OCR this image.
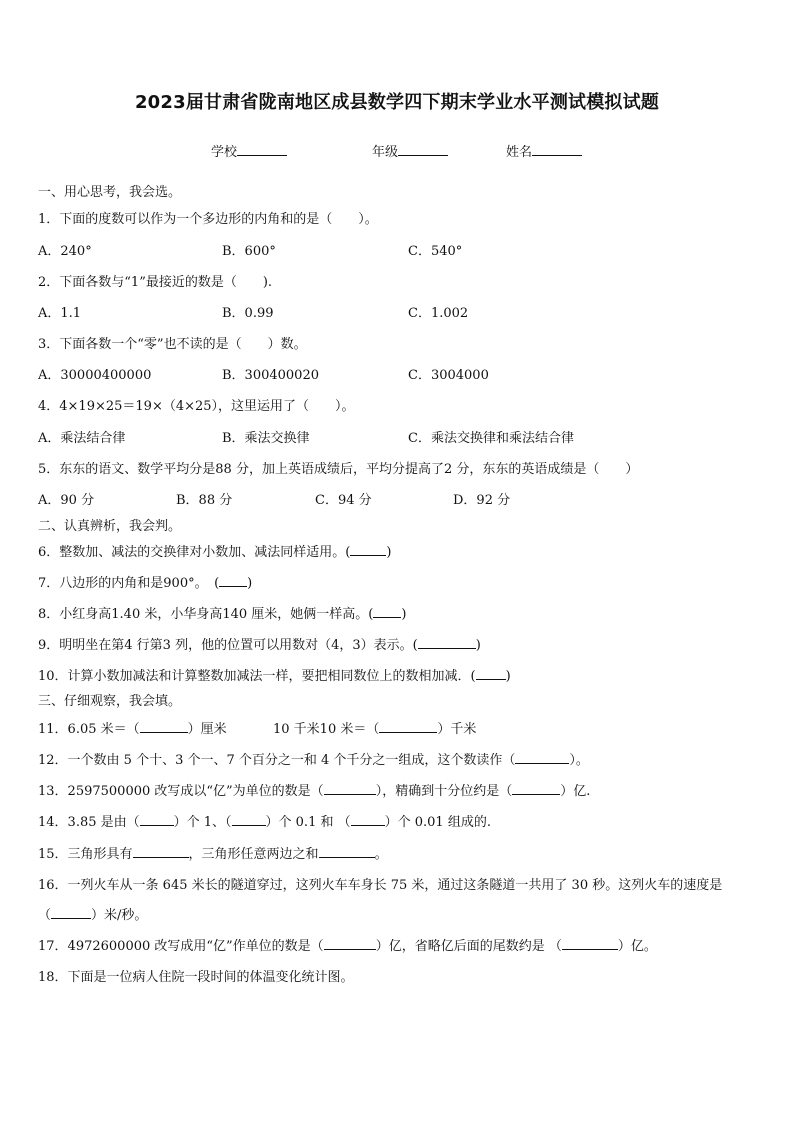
2023届甘肃省陇南地区成县数学四下期末学业水平测试模拟试题
学校	年级	姓名
一、用心思考，我会选。
1．下面的度数可以作为一个多边形的内角和的是（　　）。
A．240°	B．600°	C．540°
2．下面各数与“1”最接近的数是（　　).
A．1.1	B．0.99	C．1.002
3．下面各数一个“零”也不读的是（　　）数。
A．30000400000	B．300400020	C．3004000
4．4×19×25＝19×（4×25），这里运用了（　　）。
A．乘法结合律	B．乘法交换律	C．乘法交换律和乘法结合律
5．东东的语文、数学平均分是88 分，加上英语成绩后，平均分提高了2 分，东东的英语成绩是（　　）
A．90 分	B．88 分	C．94 分	D．92 分
二、认真辨析，我会判。
6．整数加、减法的交换律对小数加、减法同样适用。(	)
7．八边形的内角和是900°。　( )
8．小红身高1.40 米，小华身高140 厘米，她俩一样高。( )
9．明明坐在第4 行第3 列，他的位置可以用数对（4，3）表示。(	)
10．计算小数加减法和计算整数加减法一样，要把相同数位上的数相加减．( )
三、仔细观察，我会填。
11．6.05 米＝（	）厘米	10 千米10 米＝（	）千米
12．一个数由 5 个十、3 个一、7 个百分之一和 4 个千分之一组成，这个数读作（	）。
13．2597500000 改写成以“亿”为单位的数是（	），精确到十分位约是（	）亿.
14．3.85 是由（	）个 1、（	）个 0.1 和 （	）个 0.01 组成的.
15．三角形具有	，三角形任意两边之和	。
16．一列火车从一条 645 米长的隧道穿过，这列火车车身长 75 米，通过这条隧道一共用了 30 秒。这列火车的速度是
（	）米/秒。
17．4972600000 改写成用“亿”作单位的数是（	）亿，省略亿后面的尾数约是 （	）亿。
18．下面是一位病人住院一段时间的体温变化统计图。
